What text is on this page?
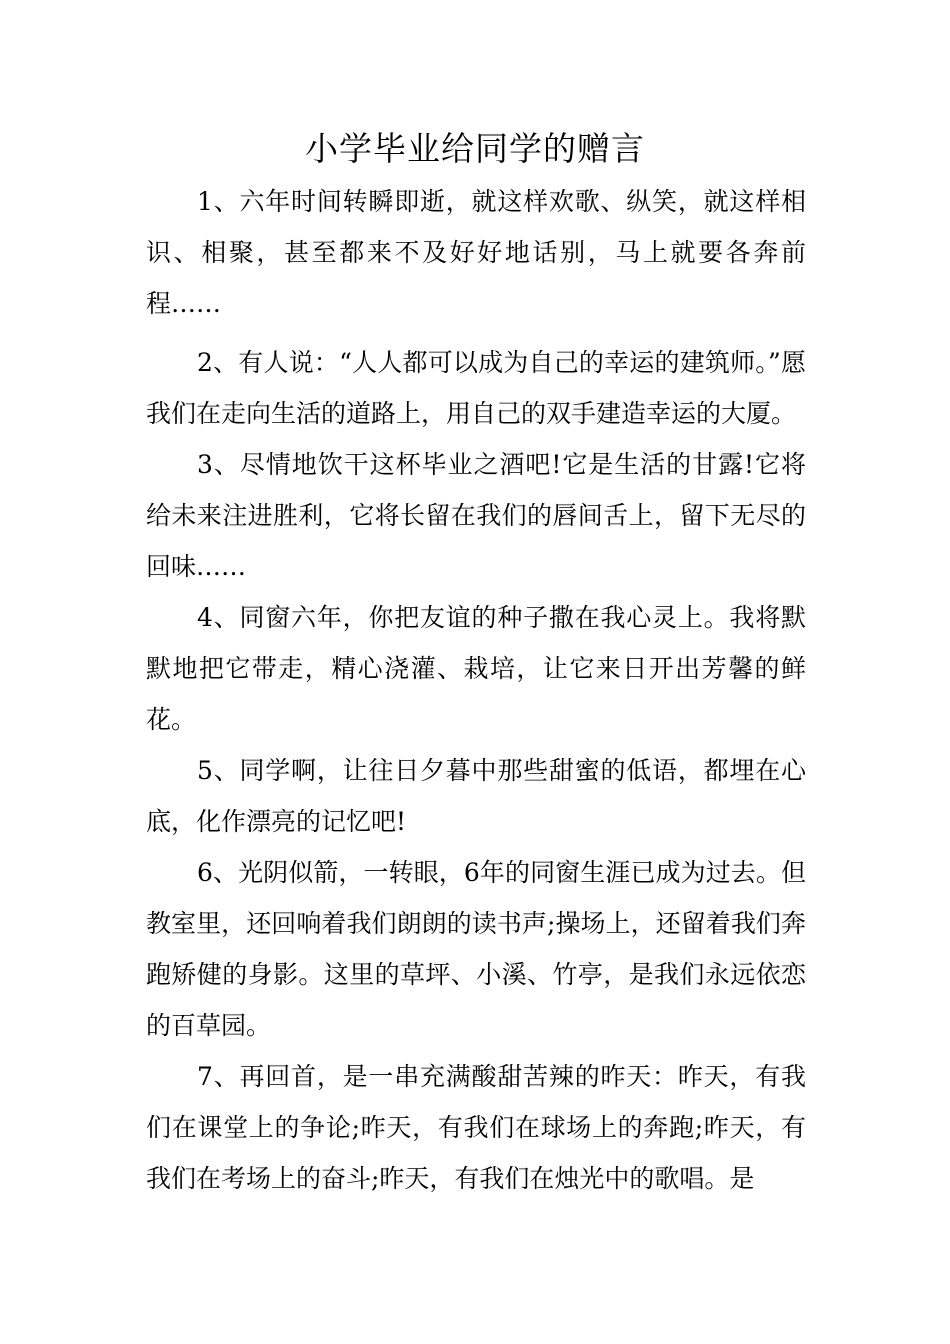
小学毕业给同学的赠言

1、六年时间转瞬即逝，就这样欢歌、纵笑，就这样相识、相聚，甚至都来不及好好地话别，马上就要各奔前程……

2、有人说：“人人都可以成为自己的幸运的建筑师。”愿我们在走向生活的道路上，用自己的双手建造幸运的大厦。

3、尽情地饮干这杯毕业之酒吧!它是生活的甘露!它将给未来注进胜利，它将长留在我们的唇间舌上，留下无尽的回味……

4、同窗六年，你把友谊的种子撒在我心灵上。我将默默地把它带走，精心浇灌、栽培，让它来日开出芳馨的鲜花。

5、同学啊，让往日夕暮中那些甜蜜的低语，都埋在心底，化作漂亮的记忆吧!

6、光阴似箭，一转眼，6年的同窗生涯已成为过去。但教室里，还回响着我们朗朗的读书声;操场上，还留着我们奔跑矫健的身影。这里的草坪、小溪、竹亭，是我们永远依恋的百草园。

7、再回首，是一串充满酸甜苦辣的昨天：昨天，有我们在课堂上的争论;昨天，有我们在球场上的奔跑;昨天，有我们在考场上的奋斗;昨天，有我们在烛光中的歌唱。是
